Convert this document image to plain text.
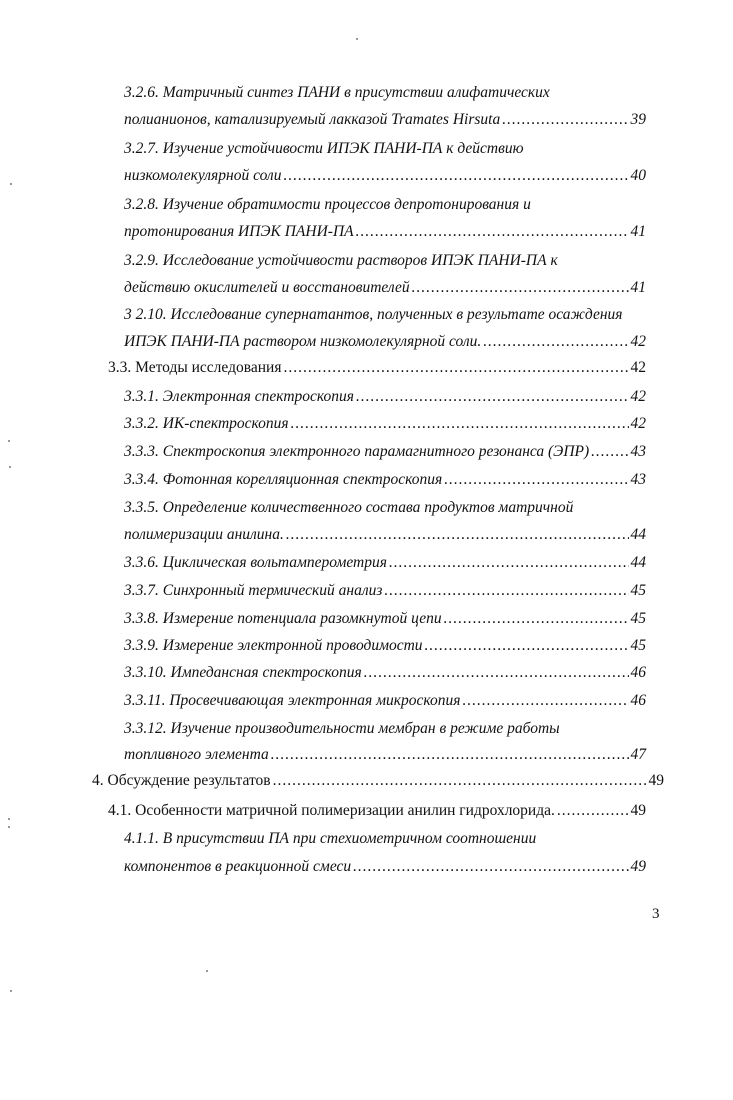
3.2.6. Матричный синтез ПАНИ в присутствии алифатических
полианионов, катализируемый лакказой Tramates Hirsuta .....	39
3.2.7. Изучение устойчивости ИПЭК ПАНИ-ПА к действию
низкомолекулярной соли .....	40
3.2.8. Изучение обратимости процессов депротонирования и
протонирования ИПЭК ПАНИ-ПА .....	41
3.2.9. Исследование устойчивости растворов ИПЭК ПАНИ-ПА к
действию окислителей и восстановителей .....	41
3 2.10. Исследование супернатантов, полученных в результате осаждения
ИПЭК ПАНИ-ПА раствором низкомолекулярной соли. .....	42
3.3. Методы исследования .....	42
3.3.1. Электронная спектроскопия .....	42
3.3.2. ИК-спектроскопия .....	42
3.3.3. Спектроскопия электронного парамагнитного резонанса (ЭПР) .....	43
3.3.4. Фотонная корелляционная спектроскопия .....	43
3.3.5. Определение количественного состава продуктов матричной
полимеризации анилина. .....	44
3.3.6. Циклическая вольтамперометрия .....	44
3.3.7. Синхронный термический анализ .....	45
3.3.8. Измерение потенциала разомкнутой цепи .....	45
3.3.9. Измерение электронной проводимости .....	45
3.3.10. Импедансная спектроскопия .....	46
3.3.11. Просвечивающая электронная микроскопия .....	46
3.3.12. Изучение производительности мембран в режиме работы
топливного элемента .....	47
4. Обсуждение результатов .....	49
4.1. Особенности матричной полимеризации анилин гидрохлорида. .....	49
4.1.1. В присутствии ПА при стехиометричном соотношении
компонентов в реакционной смеси .....	49
3
